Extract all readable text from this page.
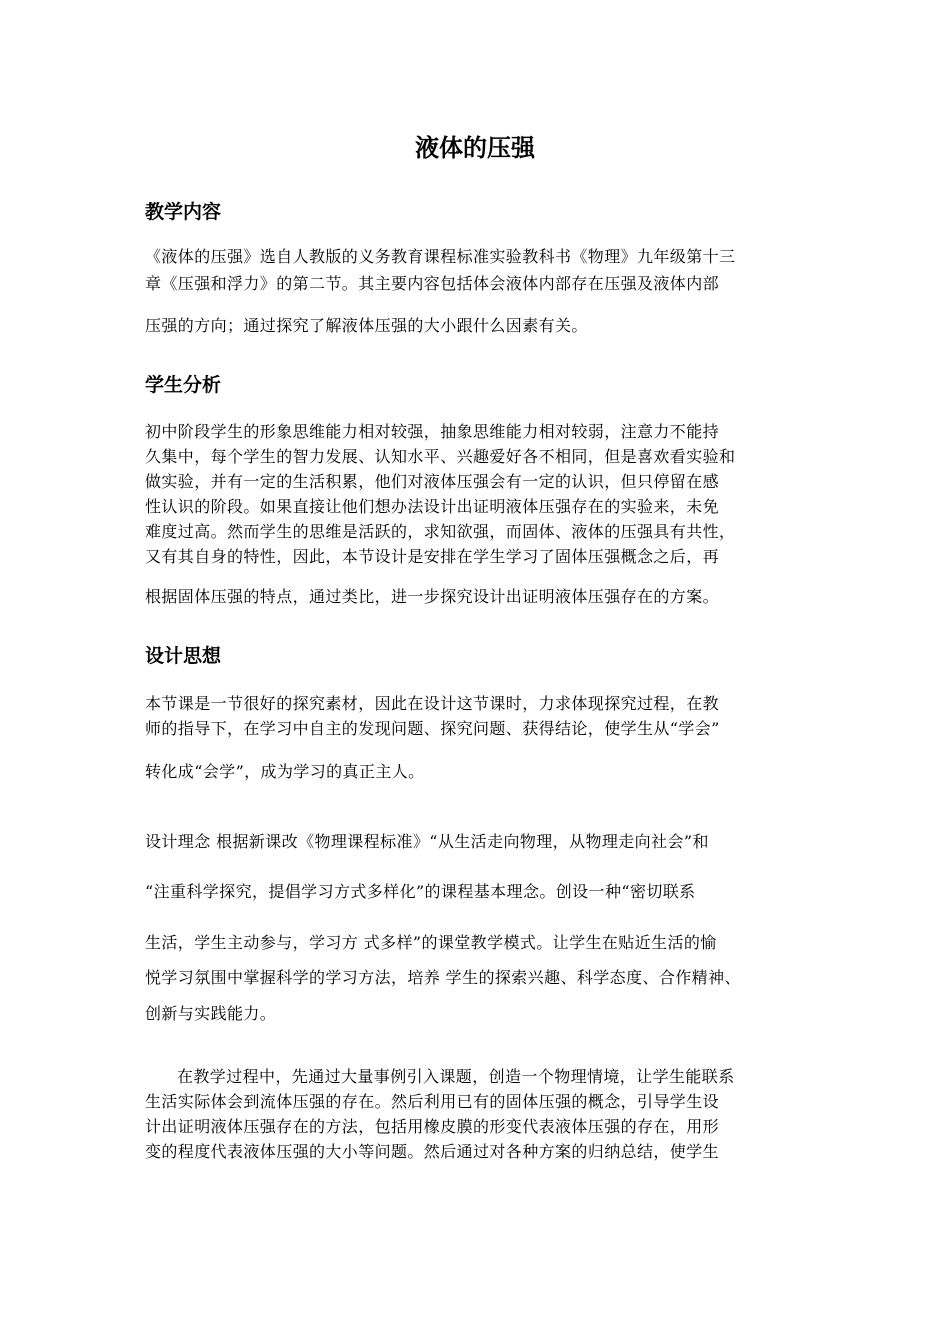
液体的压强
教学内容
《液体的压强》选自人教版的义务教育课程标准实验教科书《物理》九年级第十三
章《压强和浮力》的第二节。其主要内容包括体会液体内部存在压强及液体内部
压强的方向；通过探究了解液体压强的大小跟什么因素有关。
学生分析
初中阶段学生的形象思维能力相对较强，抽象思维能力相对较弱，注意力不能持
久集中，每个学生的智力发展、认知水平、兴趣爱好各不相同，但是喜欢看实验和
做实验，并有一定的生活积累，他们对液体压强会有一定的认识，但只停留在感
性认识的阶段。如果直接让他们想办法设计出证明液体压强存在的实验来，未免
难度过高。然而学生的思维是活跃的，求知欲强，而固体、液体的压强具有共性，
又有其自身的特性，因此，本节设计是安排在学生学习了固体压强概念之后，再
根据固体压强的特点，通过类比，进一步探究设计出证明液体压强存在的方案。
设计思想
本节课是一节很好的探究素材，因此在设计这节课时，力求体现探究过程，在教
师的指导下，在学习中自主的发现问题、探究问题、获得结论，使学生从“学会”
转化成“会学”，成为学习的真正主人。
设计理念 根据新课改《物理课程标准》“从生活走向物理，从物理走向社会”和
“注重科学探究，提倡学习方式多样化”的课程基本理念。创设一种“密切联系
生活，学生主动参与，学习方 式多样”的课堂教学模式。让学生在贴近生活的愉
悦学习氛围中掌握科学的学习方法，培养 学生的探索兴趣、科学态度、合作精神、
创新与实践能力。
在教学过程中，先通过大量事例引入课题，创造一个物理情境，让学生能联系
生活实际体会到流体压强的存在。然后利用已有的固体压强的概念，引导学生设
计出证明液体压强存在的方法，包括用橡皮膜的形变代表液体压强的存在，用形
变的程度代表液体压强的大小等问题。然后通过对各种方案的归纳总结，使学生
